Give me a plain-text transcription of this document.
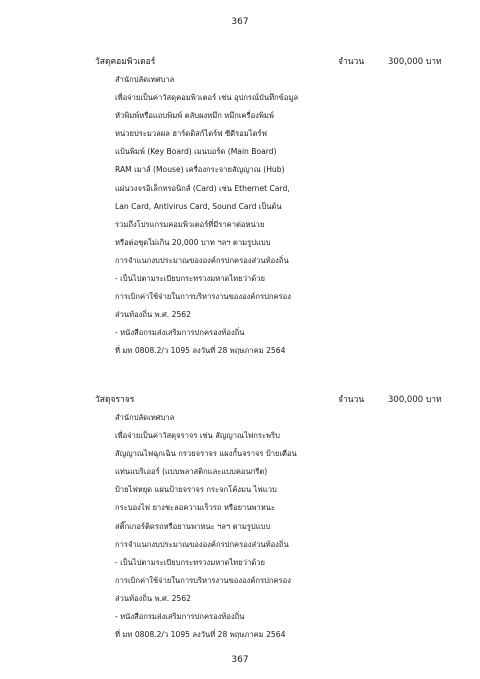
367
วัสดุคอมพิวเตอร์	จำนวน	300,000 บาท
สำนักปลัดเทศบาล
เพื่อจ่ายเป็นค่าวัสดุคอมพิวเตอร์ เช่น อุปกรณ์บันทึกข้อมูล
หัวพิมพ์หรือแถบพิมพ์ ตลับผงหมึก หมึกเครื่องพิมพ์
หน่วยประมวลผล ฮาร์ดดิสก์ไดร์ฟ ซีดีรอมไดร์ฟ
แป้นพิมพ์ (Key Board) เมนบอร์ด (Main Board)
RAM เมาส์ (Mouse) เครื่องกระจายสัญญาณ (Hub)
แผ่นวงจรอิเล็กทรอนิกส์ (Card) เช่น Ethernet Card,
Lan Card, Antivirus Card, Sound Card เป็นต้น
รวมถึงโปรแกรมคอมพิวเตอร์ที่มีราคาต่อหน่วย
หรือต่อชุดไม่เกิน 20,000 บาท ฯลฯ ตามรูปแบบ
การจำแนกงบประมาณขององค์กรปกครองส่วนท้องถิ่น
- เป็นไปตามระเบียบกระทรวงมหาดไทยว่าด้วย
การเบิกค่าใช้จ่ายในการบริหารงานขององค์กรปกครอง
ส่วนท้องถิ่น พ.ศ. 2562
- หนังสือกรมส่งเสริมการปกครองท้องถิ่น
ที่ มท 0808.2/ว 1095 ลงวันที่ 28 พฤษภาคม 2564
วัสดุจราจร	จำนวน	300,000 บาท
สำนักปลัดเทศบาล
เพื่อจ่ายเป็นค่าวัสดุจราจร เช่น สัญญาณไฟกระพริบ
สัญญาณไฟฉุกเฉิน กรวยจราจร แผงกั้นจราจร ป้ายเตือน
แท่นแบริเออร์ (แบบพลาสติกและแบบคอนกรีต)
ป้ายไฟหยุด แผ่นป้ายจราจร กระจกโค้งมน ไฟแวบ
กระบองไฟ ยางชะลอความเร็วรถ หรือยานพาหนะ
สติ๊กเกอร์ติดรถหรือยานพาหนะ ฯลฯ ตามรูปแบบ
การจำแนกงบประมาณขององค์กรปกครองส่วนท้องถิ่น
- เป็นไปตามระเบียบกระทรวงมหาดไทยว่าด้วย
การเบิกค่าใช้จ่ายในการบริหารงานขององค์กรปกครอง
ส่วนท้องถิ่น พ.ศ. 2562
- หนังสือกรมส่งเสริมการปกครองท้องถิ่น
ที่ มท 0808.2/ว 1095 ลงวันที่ 28 พฤษภาคม 2564
367
